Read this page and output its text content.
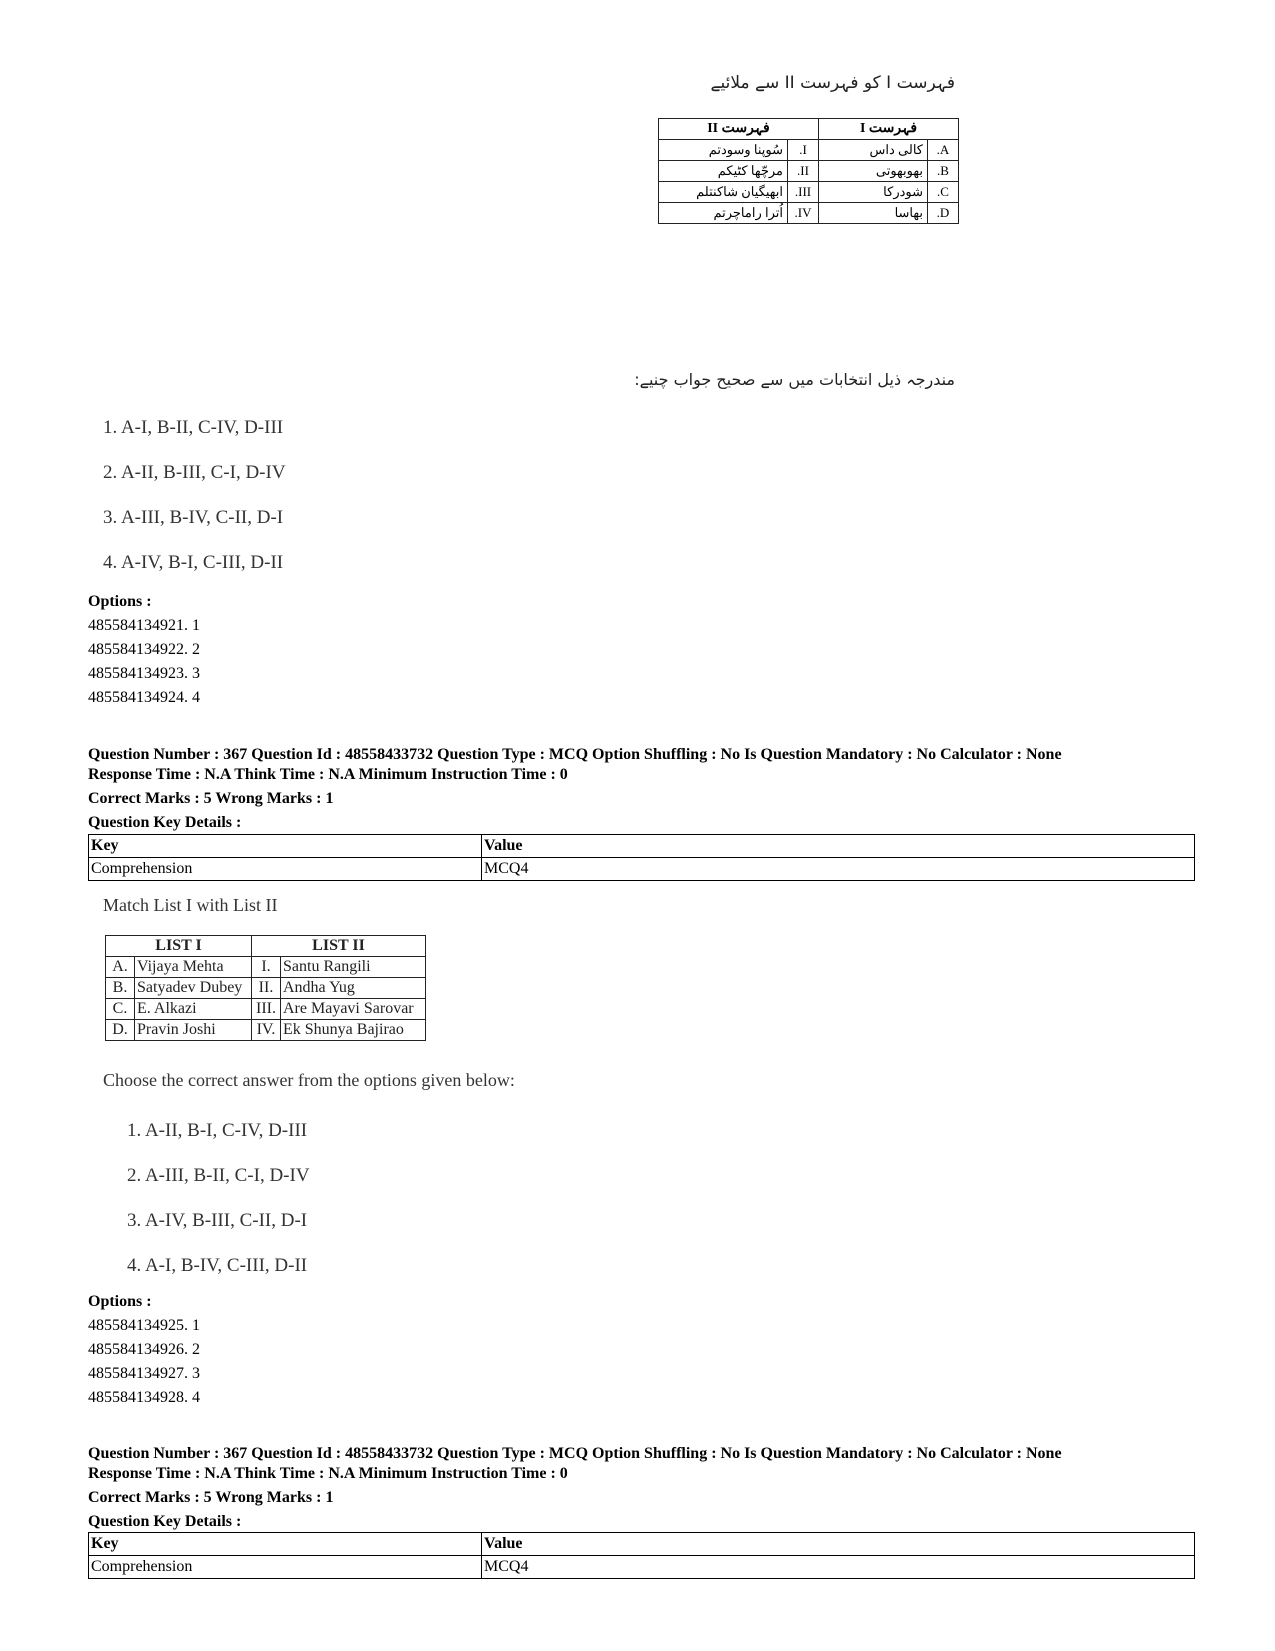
فہرست I کو فہرست II سے ملائیے
فہرست I		فہرست II	
A.	کالی داس	I.	سُوپنا وسودتم
B.	بھوبھوتی	II.	مرچّھا کٹیکم
C.	شودرکا	III.	ابھیگیان شاکنتلم
D.	بھاسا	IV.	اُترا راماچرتم
مندرجہ ذیل انتخابات میں سے صحیح جواب چنیے:
1. A-I, B-II, C-IV, D-III
2. A-II, B-III, C-I, D-IV
3. A-III, B-IV, C-II, D-I
4. A-IV, B-I, C-III, D-II
Options :
485584134921. 1
485584134922. 2
485584134923. 3
485584134924. 4
Question Number : 367 Question Id : 48558433732 Question Type : MCQ Option Shuffling : No Is Question Mandatory : No Calculator : None
Response Time : N.A Think Time : N.A Minimum Instruction Time : 0
Correct Marks : 5 Wrong Marks : 1
Question Key Details :
Key	Value
Comprehension	MCQ4
Match List I with List II
LIST I		LIST II	
A.	Vijaya Mehta	I.	Santu Rangili
B.	Satyadev Dubey	II.	Andha Yug
C.	E. Alkazi	III.	Are Mayavi Sarovar
D.	Pravin Joshi	IV.	Ek Shunya Bajirao
Choose the correct answer from the options given below:
1. A-II, B-I, C-IV, D-III
2. A-III, B-II, C-I, D-IV
3. A-IV, B-III, C-II, D-I
4. A-I, B-IV, C-III, D-II
Options :
485584134925. 1
485584134926. 2
485584134927. 3
485584134928. 4
Question Number : 367 Question Id : 48558433732 Question Type : MCQ Option Shuffling : No Is Question Mandatory : No Calculator : None
Response Time : N.A Think Time : N.A Minimum Instruction Time : 0
Correct Marks : 5 Wrong Marks : 1
Question Key Details :
Key	Value
Comprehension	MCQ4
